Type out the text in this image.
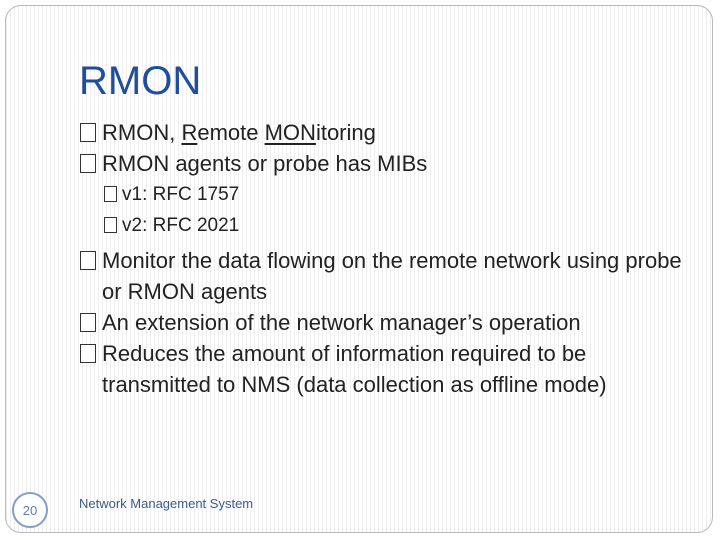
RMON
RMON, Remote MONitoring
RMON agents or probe has MIBs
v1: RFC 1757
v2: RFC 2021
Monitor the data flowing on the remote network using probe or RMON agents
An extension of the network manager’s operation
Reduces the amount of information required to be transmitted to NMS (data collection as offline mode)
20	Network Management System
